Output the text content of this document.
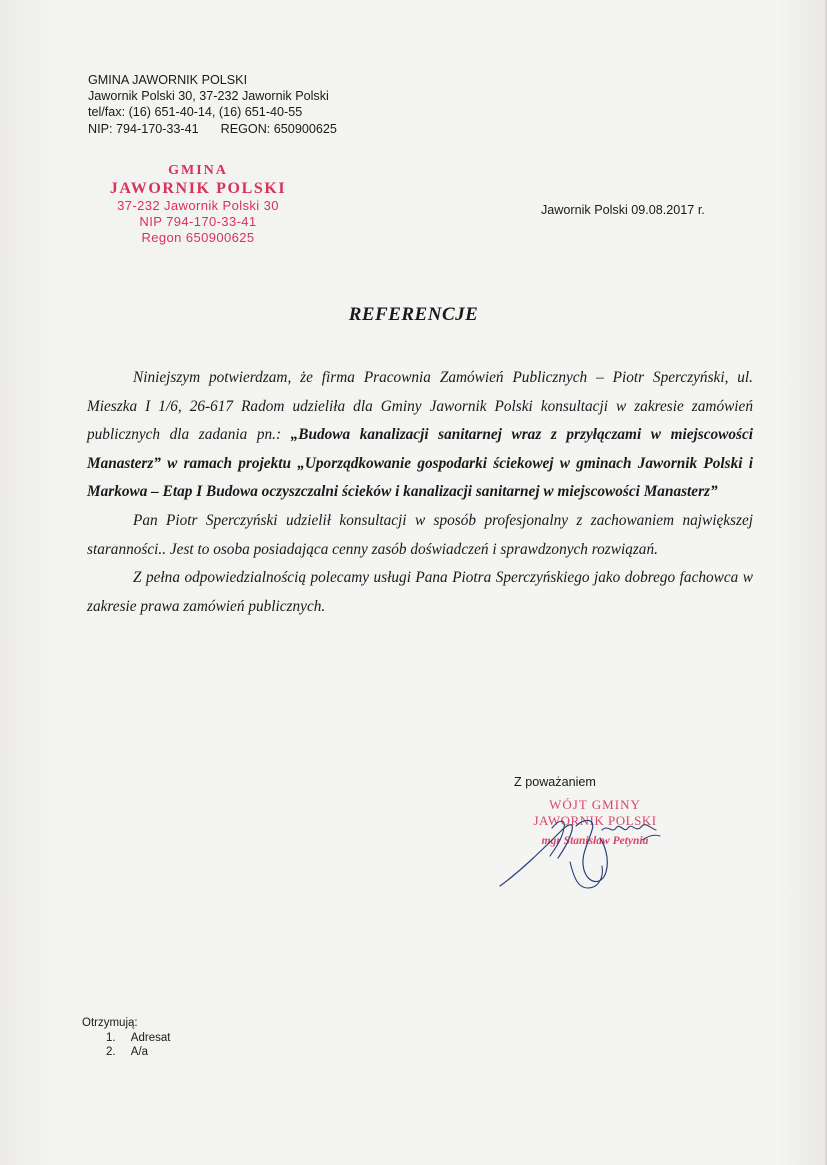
GMINA JAWORNIK POLSKI
Jawornik Polski 30, 37-232 Jawornik Polski
tel/fax: (16) 651-40-14, (16) 651-40-55
NIP: 794-170-33-41 REGON: 650900625
GMINA
JAWORNIK POLSKI
37-232 Jawornik Polski 30
NIP 794-170-33-41
Regon 650900625
Jawornik Polski 09.08.2017 r.
REFERENCJE

Niniejszym potwierdzam, że firma Pracownia Zamówień Publicznych – Piotr Sperczyński, ul. Mieszka I 1/6, 26-617 Radom udzieliła dla Gminy Jawornik Polski konsultacji w zakresie zamówień publicznych dla zadania pn.: „Budowa kanalizacji sanitarnej wraz z przyłączami w miejscowości Manasterz” w ramach projektu „Uporządkowanie gospodarki ściekowej w gminach Jawornik Polski i Markowa – Etap I Budowa oczyszczalni ścieków i kanalizacji sanitarnej w miejscowości Manasterz”

Pan Piotr Sperczyński udzielił konsultacji w sposób profesjonalny z zachowaniem największej staranności.. Jest to osoba posiadająca cenny zasób doświadczeń i sprawdzonych rozwiązań.

Z pełna odpowiedzialnością polecamy usługi Pana Piotra Sperczyńskiego jako dobrego fachowca w zakresie prawa zamówień publicznych.

Z poważaniem
WÓJT GMINY
JAWORNIK POLSKI
mgr Stanisław Petynia
Otrzymują:
1. Adresat
2. A/a
